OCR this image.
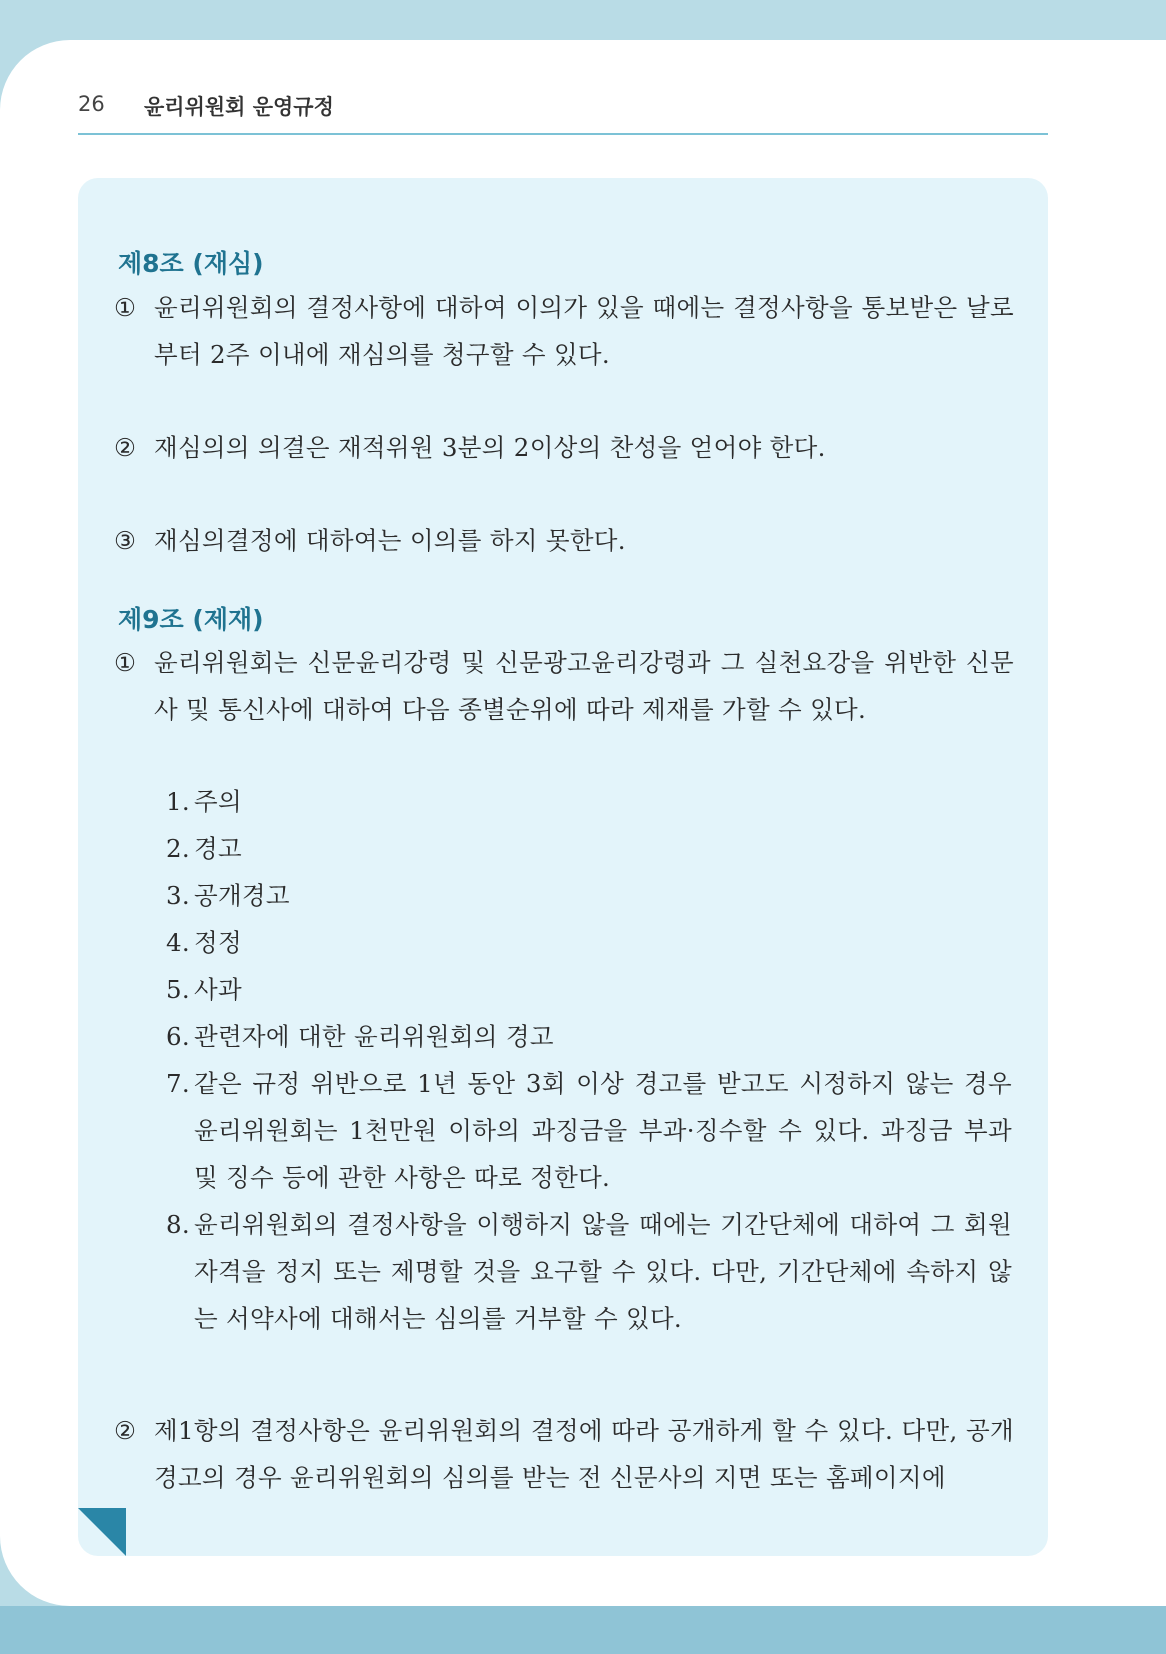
26 윤리위원회 운영규정
제8조 (재심)
① 윤리위원회의 결정사항에 대하여 이의가 있을 때에는 결정사항을 통보받은 날로부터 2주 이내에 재심의를 청구할 수 있다.
② 재심의의 의결은 재적위원 3분의 2이상의 찬성을 얻어야 한다.
③ 재심의결정에 대하여는 이의를 하지 못한다.
제9조 (제재)
① 윤리위원회는 신문윤리강령 및 신문광고윤리강령과 그 실천요강을 위반한 신문사 및 통신사에 대하여 다음 종별순위에 따라 제재를 가할 수 있다.
1. 주의
2. 경고
3. 공개경고
4. 정정
5. 사과
6. 관련자에 대한 윤리위원회의 경고
7. 같은 규정 위반으로 1년 동안 3회 이상 경고를 받고도 시정하지 않는 경우 윤리위원회는 1천만원 이하의 과징금을 부과·징수할 수 있다. 과징금 부과 및 징수 등에 관한 사항은 따로 정한다.
8. 윤리위원회의 결정사항을 이행하지 않을 때에는 기간단체에 대하여 그 회원자격을 정지 또는 제명할 것을 요구할 수 있다. 다만, 기간단체에 속하지 않는 서약사에 대해서는 심의를 거부할 수 있다.
② 제1항의 결정사항은 윤리위원회의 결정에 따라 공개하게 할 수 있다. 다만, 공개경고의 경우 윤리위원회의 심의를 받는 전 신문사의 지면 또는 홈페이지에
